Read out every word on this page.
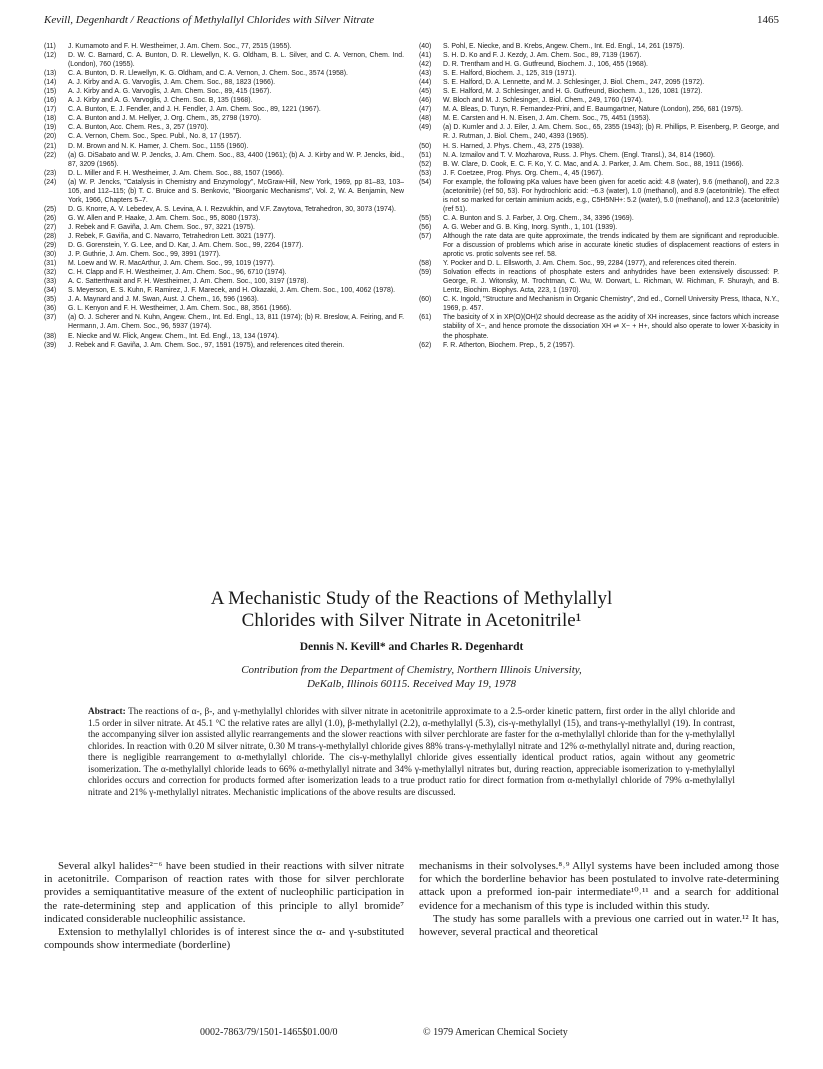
Kevill, Degenhardt / Reactions of Methylallyl Chlorides with Silver Nitrate	1465
(11)	J. Kumamoto and F. H. Westheimer, J. Am. Chem. Soc., 77, 2515 (1955).
(12)	D. W. C. Barnard, C. A. Bunton, D. R. Llewellyn, K. G. Oldham, B. L. Silver, and C. A. Vernon, Chem. Ind. (London), 760 (1955).
(13)	C. A. Bunton, D. R. Llewellyn, K. G. Oldham, and C. A. Vernon, J. Chem. Soc., 3574 (1958).
(14)	A. J. Kirby and A. G. Varvoglis, J. Am. Chem. Soc., 88, 1823 (1966).
(15)	A. J. Kirby and A. G. Varvoglis, J. Am. Chem. Soc., 89, 415 (1967).
(16)	A. J. Kirby and A. G. Varvoglis, J. Chem. Soc. B, 135 (1968).
(17)	C. A. Bunton, E. J. Fendler, and J. H. Fendler, J. Am. Chem. Soc., 89, 1221 (1967).
(18)	C. A. Bunton and J. M. Hellyer, J. Org. Chem., 35, 2798 (1970).
(19)	C. A. Bunton, Acc. Chem. Res., 3, 257 (1970).
(20)	C. A. Vernon, Chem. Soc., Spec. Publ., No. 8, 17 (1957).
(21)	D. M. Brown and N. K. Hamer, J. Chem. Soc., 1155 (1960).
(22)	(a) G. DiSabato and W. P. Jencks, J. Am. Chem. Soc., 83, 4400 (1961); (b) A. J. Kirby and W. P. Jencks, ibid., 87, 3209 (1965).
(23)	D. L. Miller and F. H. Westheimer, J. Am. Chem. Soc., 88, 1507 (1966).
(24)	(a) W. P. Jencks, "Catalysis in Chemistry and Enzymology", McGraw-Hill, New York, 1969, pp 81–83, 103–105, and 112–115; (b) T. C. Bruice and S. Benkovic, "Bioorganic Mechanisms", Vol. 2, W. A. Benjamin, New York, 1966, Chapters 5–7.
(25)	D. G. Knorre, A. V. Lebedev, A. S. Levina, A. I. Rezvukhin, and V.F. Zavytova, Tetrahedron, 30, 3073 (1974).
(26)	G. W. Allen and P. Haake, J. Am. Chem. Soc., 95, 8080 (1973).
(27)	J. Rebek and F. Gaviña, J. Am. Chem. Soc., 97, 3221 (1975).
(28)	J. Rebek, F. Gaviña, and C. Navarro, Tetrahedron Lett. 3021 (1977).
(29)	D. G. Gorenstein, Y. G. Lee, and D. Kar, J. Am. Chem. Soc., 99, 2264 (1977).
(30)	J. P. Guthrie, J. Am. Chem. Soc., 99, 3991 (1977).
(31)	M. Loew and W. R. MacArthur, J. Am. Chem. Soc., 99, 1019 (1977).
(32)	C. H. Clapp and F. H. Westheimer, J. Am. Chem. Soc., 96, 6710 (1974).
(33)	A. C. Satterthwait and F. H. Westheimer, J. Am. Chem. Soc., 100, 3197 (1978).
(34)	S. Meyerson, E. S. Kuhn, F. Ramirez, J. F. Marecek, and H. Okazaki, J. Am. Chem. Soc., 100, 4062 (1978).
(35)	J. A. Maynard and J. M. Swan, Aust. J. Chem., 16, 596 (1963).
(36)	G. L. Kenyon and F. H. Westheimer, J. Am. Chem. Soc., 88, 3561 (1966).
(37)	(a) O. J. Scherer and N. Kuhn, Angew. Chem., Int. Ed. Engl., 13, 811 (1974); (b) R. Breslow, A. Feiring, and F. Hermann, J. Am. Chem. Soc., 96, 5937 (1974).
(38)	E. Niecke and W. Flick, Angew. Chem., Int. Ed. Engl., 13, 134 (1974).
(39)	J. Rebek and F. Gaviña, J. Am. Chem. Soc., 97, 1591 (1975), and references cited therein.
(40)	S. Pohl, E. Niecke, and B. Krebs, Angew. Chem., Int. Ed. Engl., 14, 261 (1975).
(41)	S. H. D. Ko and F. J. Kezdy, J. Am. Chem. Soc., 89, 7139 (1967).
(42)	D. R. Trentham and H. G. Gutfreund, Biochem. J., 106, 455 (1968).
(43)	S. E. Halford, Biochem. J., 125, 319 (1971).
(44)	S. E. Halford, D. A. Lennette, and M. J. Schlesinger, J. Biol. Chem., 247, 2095 (1972).
(45)	S. E. Halford, M. J. Schlesinger, and H. G. Gutfreund, Biochem. J., 126, 1081 (1972).
(46)	W. Bloch and M. J. Schlesinger, J. Biol. Chem., 249, 1760 (1974).
(47)	M. A. Bleas, D. Turyn, R. Fernandez-Prini, and E. Baumgartner, Nature (London), 256, 681 (1975).
(48)	M. E. Carsten and H. N. Eisen, J. Am. Chem. Soc., 75, 4451 (1953).
(49)	(a) D. Kumler and J. J. Eiler, J. Am. Chem. Soc., 65, 2355 (1943); (b) R. Phillips, P. Eisenberg, P. George, and R. J. Rutman, J. Biol. Chem., 240, 4393 (1965).
(50)	H. S. Harned, J. Phys. Chem., 43, 275 (1938).
(51)	N. A. Izmailov and T. V. Mozharova, Russ. J. Phys. Chem. (Engl. Transl.), 34, 814 (1960).
(52)	B. W. Clare, D. Cook, E. C. F. Ko, Y. C. Mac, and A. J. Parker, J. Am. Chem. Soc., 88, 1911 (1966).
(53)	J. F. Coetzee, Prog. Phys. Org. Chem., 4, 45 (1967).
(54)	For example, the following pKa values have been given for acetic acid: 4.8 (water), 9.6 (methanol), and 22.3 (acetonitrile) (ref 50, 53). For hydrochloric acid: −6.3 (water), 1.0 (methanol), and 8.9 (acetonitrile). The effect is not so marked for certain aminium acids, e.g., C5H5NH+: 5.2 (water), 5.0 (methanol), and 12.3 (acetonitrile) (ref 51).
(55)	C. A. Bunton and S. J. Farber, J. Org. Chem., 34, 3396 (1969).
(56)	A. G. Weber and G. B. King, Inorg. Synth., 1, 101 (1939).
(57)	Although the rate data are quite approximate, the trends indicated by them are significant and reproducible. For a discussion of problems which arise in accurate kinetic studies of displacement reactions of esters in aprotic vs. protic solvents see ref. 58.
(58)	Y. Pocker and D. L. Ellsworth, J. Am. Chem. Soc., 99, 2284 (1977), and references cited therein.
(59)	Solvation effects in reactions of phosphate esters and anhydrides have been extensively discussed: P. George, R. J. Witonsky, M. Trochtman, C. Wu, W. Dorwart, L. Richman, W. Richman, F. Shurayh, and B. Lentz, Biochim. Biophys. Acta, 223, 1 (1970).
(60)	C. K. Ingold, "Structure and Mechanism in Organic Chemistry", 2nd ed., Cornell University Press, Ithaca, N.Y., 1969, p. 457.
(61)	The basicity of X in XP(O)(OH)2 should decrease as the acidity of XH increases, since factors which increase stability of X−, and hence promote the dissociation XH ⇌ X− + H+, should also operate to lower X-basicity in the phosphate.
(62)	F. R. Atherton, Biochem. Prep., 5, 2 (1957).
A Mechanistic Study of the Reactions of Methylallyl
Chlorides with Silver Nitrate in Acetonitrile¹
Dennis N. Kevill* and Charles R. Degenhardt
Contribution from the Department of Chemistry, Northern Illinois University,
DeKalb, Illinois 60115. Received May 19, 1978
Abstract: The reactions of α-, β-, and γ-methylallyl chlorides with silver nitrate in acetonitrile approximate to a 2.5-order kinetic pattern, first order in the allyl chloride and 1.5 order in silver nitrate. At 45.1 °C the relative rates are allyl (1.0), β-methylallyl (2.2), α-methylallyl (5.3), cis-γ-methylallyl (15), and trans-γ-methylallyl (19). In contrast, the accompanying silver ion assisted allylic rearrangements and the slower reactions with silver perchlorate are faster for the α-methylallyl chloride than for the γ-methylallyl chlorides. In reaction with 0.20 M silver nitrate, 0.30 M trans-γ-methylallyl chloride gives 88% trans-γ-methylallyl nitrate and 12% α-methylallyl nitrate and, during reaction, there is negligible rearrangement to α-methylallyl chloride. The cis-γ-methylallyl chloride gives essentially identical product ratios, again without any geometric isomerization. The α-methylallyl chloride leads to 66% α-methylallyl nitrate and 34% γ-methylallyl nitrates but, during reaction, appreciable isomerization to γ-methylallyl chlorides occurs and correction for products formed after isomerization leads to a true product ratio for direct formation from α-methylallyl chloride of 79% α-methylallyl nitrate and 21% γ-methylallyl nitrates. Mechanistic implications of the above results are discussed.

Several alkyl halides²⁻⁶ have been studied in their reactions with silver nitrate in acetonitrile. Comparison of reaction rates with those for silver perchlorate provides a semiquantitative measure of the extent of nucleophilic participation in the rate-determining step and application of this principle to allyl bromide⁷ indicated considerable nucleophilic assistance.

Extension to methylallyl chlorides is of interest since the α- and γ-substituted compounds show intermediate (borderline)

mechanisms in their solvolyses.⁸˒⁹ Allyl systems have been included among those for which the borderline behavior has been postulated to involve rate-determining attack upon a preformed ion-pair intermediate¹⁰˒¹¹ and a search for additional evidence for a mechanism of this type is included within this study.

The study has some parallels with a previous one carried out in water.¹² It has, however, several practical and theoretical

0002-7863/79/1501-1465$01.00/0	© 1979 American Chemical Society
